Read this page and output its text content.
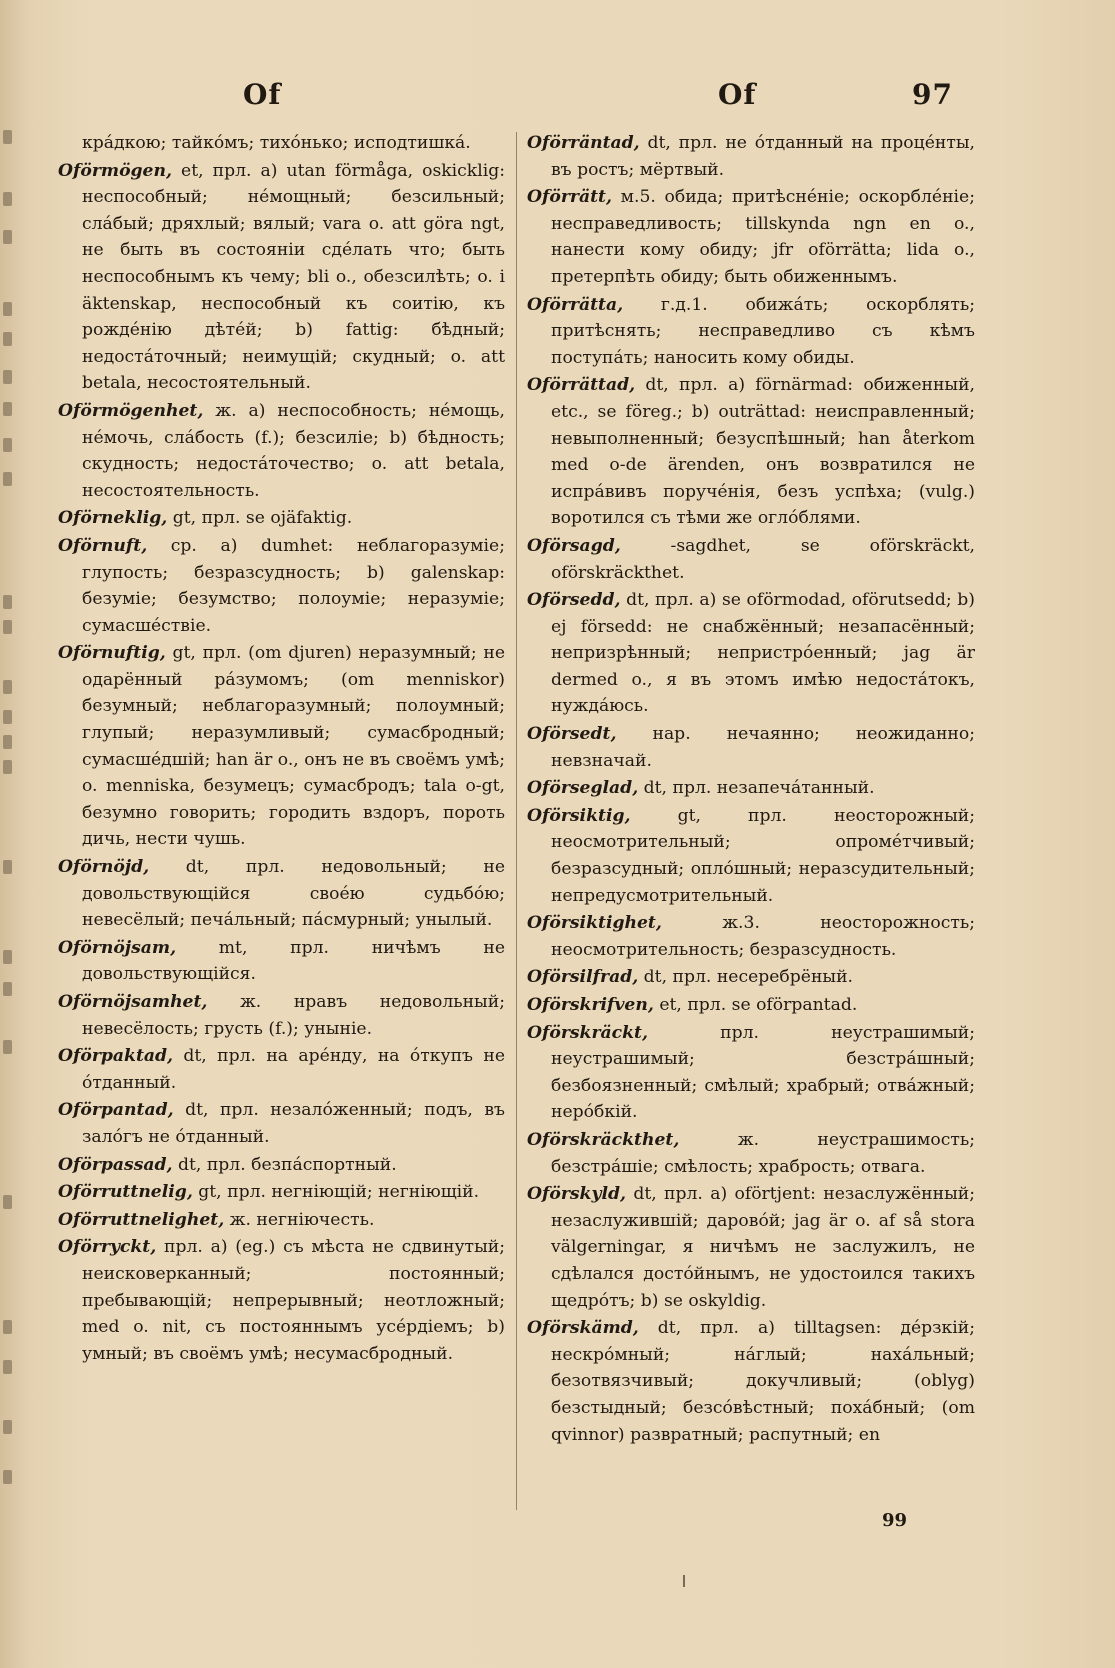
Of	Of	97
крáдкою; тайкóмъ; тихóнько; исподтишкá.
Oförmögen, et, прл. a) utan förmåga, oskicklig: неспособный; нéмощный; безсильный; слáбый; дряхлый; вялый; vara o. att göra ngt, не быть въ состоянiи сдéлать что; быть неспособнымъ къ чему; bli o., обезсилѣть; o. i äktenskap, неспособный къ соитiю, къ рождéнiю дѣтéй; b) fattig: бѣдный; недостáточный; неимущiй; скудный; o. att betala, несостоятельный.
Oförmögenhet, ж. a) неспособность; нéмощь, нéмочь, слáбость (f.); безсилiе; b) бѣдность; скудность; недостáточество; o. att betala, несостоятельность.
Oförneklig, gt, прл. se ojäfaktig.
Oförnuft, ср. a) dumhet: неблагоразумiе; глупость; безразсудность; b) galenskap: безумiе; безумство; полоумiе; неразумiе; сумасшéствiе.
Oförnuftig, gt, прл. (om djuren) неразумный; не одарённый рáзумомъ; (om menniskor) безумный; неблагоразумный; полоумный; глупый; неразумливый; сумасбродный; сумасшéдшiй; han är o., онъ не въ своёмъ умѣ; o. menniska, безумецъ; сумасбродъ; tala o-gt, безумно говорить; городить вздоръ, пороть дичь, нести чушь.
Oförnöjd, dt, прл. недовольный; не довольствующiйся своéю судьбóю; невесёлый; печáльный; пáсмурный; унылый.
Oförnöjsam, mt, прл. ничѣмъ не довольствующiйся.
Oförnöjsamhet, ж. нравъ недовольный; невесёлость; грусть (f.); унынiе.
Oförpaktad, dt, прл. на арéнду, на óткупъ не óтданный.
Oförpantad, dt, прл. незалóженный; подъ, въ залóгъ не óтданный.
Oförpassad, dt, прл. безпáспортный.
Oförruttnelig, gt, прл. негнiющiй; негнiющiй.
Oförruttnelighet, ж. негнiючесть.
Oförryckt, прл. a) (eg.) съ мѣста не сдвинутый; неисковерканный; постоянный; пребывающiй; непрерывный; неотложный; med o. nit, съ постояннымъ усéрдiемъ; b) умный; въ своёмъ умѣ; несумасбродный.
Oförräntad, dt, прл. не óтданный на процéнты, въ ростъ; мёртвый.
Oförrätt, м.5. обида; притѣснéнiе; оскорблéнiе; несправедливость; tillskynda ngn en o., нанести кому обиду; jfr oförrätta; lida o., претерпѣть обиду; быть обиженнымъ.
Oförrätta, г.д.1. обижáть; оскорблять; притѣснять; несправедливо съ кѣмъ поступáть; наносить кому обиды.
Oförrättad, dt, прл. a) förnärmad: обиженный, etc., se föreg.; b) outrättad: неисправленный; невыполненный; безуспѣшный; han återkom med o-de ärenden, онъ возвратился не испрáвивъ поручéнiя, безъ успѣха; (vulg.) воротился съ тѣми же оглóблями.
Oförsagd, -sagdhet, se oförskräckt, oförskräckthet.
Oförsedd, dt, прл. a) se oförmodad, oförutsedd; b) ej försedd: не снабжённый; незапасённый; непризрѣнный; непристрóенный; jag är dermed o., я въ этомъ имѣю недостáтокъ, нуждáюсь.
Oförsedt, нар. нечаянно; неожиданно; невзначай.
Oförseglad, dt, прл. незапечáтанный.
Oförsiktig, gt, прл. неосторожный; неосмотрительный; опромéтчивый; безразсудный; оплóшный; неразсудительный; непредусмотрительный.
Oförsiktighet, ж.3. неосторожность; неосмотрительность; безразсудность.
Oförsilfrad, dt, прл. несеребрёный.
Oförskrifven, et, прл. se oförpantad.
Oförskräckt, прл. неустрашимый; неустрашимый; безстрáшный; безбоязненный; смѣлый; храбрый; отвáжный; нерóбкiй.
Oförskräckthet, ж. неустрашимость; безстрáшiе; смѣлость; храбрость; отвага.
Oförskyld, dt, прл. a) oförtjent: незаслужённый; незаслужившiй; даровóй; jag är o. af så stora välgerningar, я ничѣмъ не заслужилъ, не сдѣлался достóйнымъ, не удостоился такихъ щедрóтъ; b) se oskyldig.
Oförskämd, dt, прл. a) tilltagsen: дéрзкiй; нескрóмный; нáглый; нахáльный; безотвязчивый; докучливый; (oblyg) безстыдный; безсóвѣстный; похáбный; (om qvinnor) развратный; распутный; en
99
